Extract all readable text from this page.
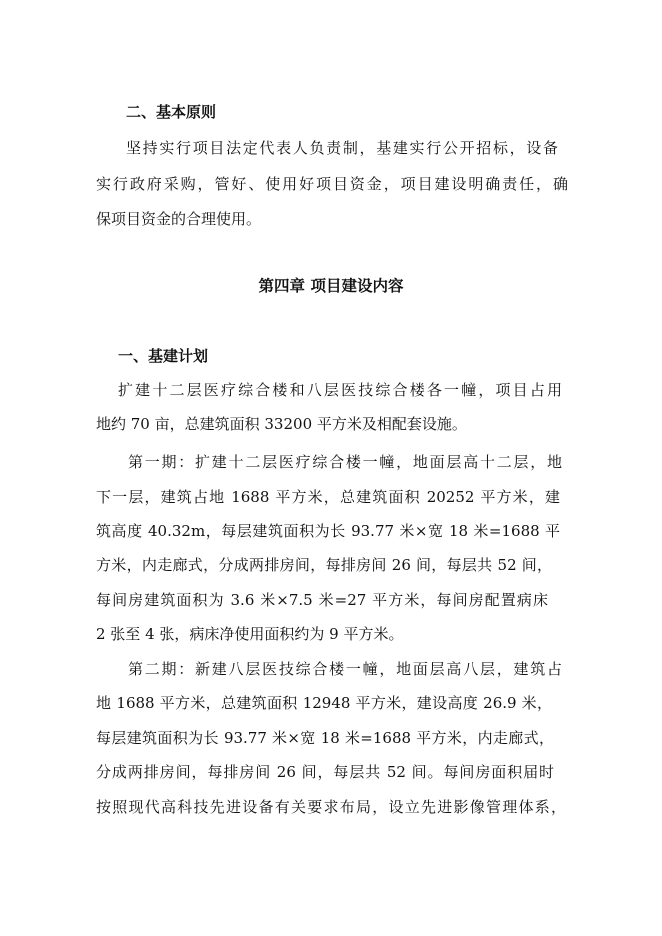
二、基本原则
坚持实行项目法定代表人负责制，基建实行公开招标，设备
实行政府采购，管好、使用好项目资金，项目建设明确责任，确
保项目资金的合理使用。
第四章 项目建设内容
一、基建计划
扩建十二层医疗综合楼和八层医技综合楼各一幢，项目占用
地约 70 亩，总建筑面积 33200 平方米及相配套设施。
第一期：扩建十二层医疗综合楼一幢，地面层高十二层，地
下一层，建筑占地 1688 平方米，总建筑面积 20252 平方米，建
筑高度 40.32m，每层建筑面积为长 93.77 米×宽 18 米=1688 平
方米，内走廊式，分成两排房间，每排房间 26 间，每层共 52 间，
每间房建筑面积为 3.6 米×7.5 米=27 平方米，每间房配置病床
2 张至 4 张，病床净使用面积约为 9 平方米。
第二期：新建八层医技综合楼一幢，地面层高八层，建筑占
地 1688 平方米，总建筑面积 12948 平方米，建设高度 26.9 米，
每层建筑面积为长 93.77 米×宽 18 米=1688 平方米，内走廊式，
分成两排房间，每排房间 26 间，每层共 52 间。每间房面积届时
按照现代高科技先进设备有关要求布局，设立先进影像管理体系，
